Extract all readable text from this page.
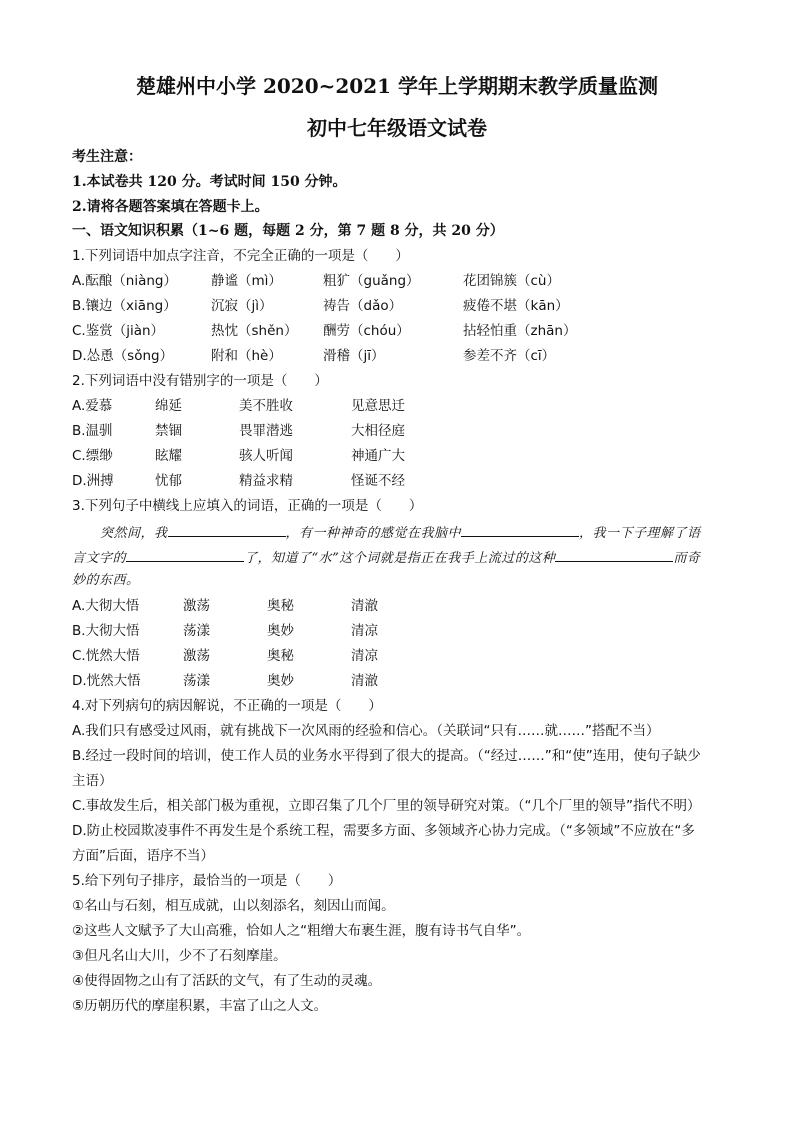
楚雄州中小学 2020~2021 学年上学期期末教学质量监测
初中七年级语文试卷
考生注意：
1.本试卷共 120 分。考试时间 150 分钟。
2.请将各题答案填在答题卡上。
一、语文知识积累（1~6 题，每题 2 分，第 7 题 8 分，共 20 分）
1.下列词语中加点字注音，不完全正确的一项是（　　）
A.酝酿（niàng）	静谧（mì）	粗犷（guǎng）	花团锦簇（cù）
B.镶边（xiāng）	沉寂（jì）	祷告（dǎo）	疲倦不堪（kān）
C.鉴赏（jiàn）	热忱（shěn） 酬劳（chóu）	拈轻怕重（zhān）
D.怂恿（sǒng）	附和（hè）	滑稽（jī）	参差不齐（cī）
2.下列词语中没有错别字的一项是（　　）
A.爱慕	绵延	美不胜收	见意思迁
B.温驯	禁锢	畏罪潜逃	大相径庭
C.缥缈	眩耀	骇人听闻	神通广大
D.洲搏	忧郁	精益求精	怪诞不经
3.下列句子中横线上应填入的词语，正确的一项是（　　）
突然间，我	，有一种神奇的感觉在我脑中	，我一下子理解了语
言文字的	了，知道了“水”这个词就是指正在我手上流过的这种	而奇
妙的东西。
A.大彻大悟	激荡	奥秘	清澈
B.大彻大悟	荡漾	奥妙	清凉
C.恍然大悟	激荡	奥秘	清凉
D.恍然大悟	荡漾	奥妙	清澈
4.对下列病句的病因解说，不正确的一项是（　　）
A.我们只有感受过风雨，就有挑战下一次风雨的经验和信心。（关联词“只有……就……”搭配不当）
B.经过一段时间的培训，使工作人员的业务水平得到了很大的提高。（“经过……”和“使”连用，使句子缺少
主语）
C.事故发生后，相关部门极为重视，立即召集了几个厂里的领导研究对策。（“几个厂里的领导”指代不明）
D.防止校园欺凌事件不再发生是个系统工程，需要多方面、多领域齐心协力完成。（“多领域”不应放在“多
方面”后面，语序不当）
5.给下列句子排序，最恰当的一项是（　　）
①名山与石刻，相互成就，山以刻添名，刻因山而闻。
②这些人文赋予了大山高雅，恰如人之“粗缯大布裹生涯，腹有诗书气自华”。
③但凡名山大川，少不了石刻摩崖。
④使得固物之山有了活跃的文气，有了生动的灵魂。
⑤历朝历代的摩崖积累，丰富了山之人文。
